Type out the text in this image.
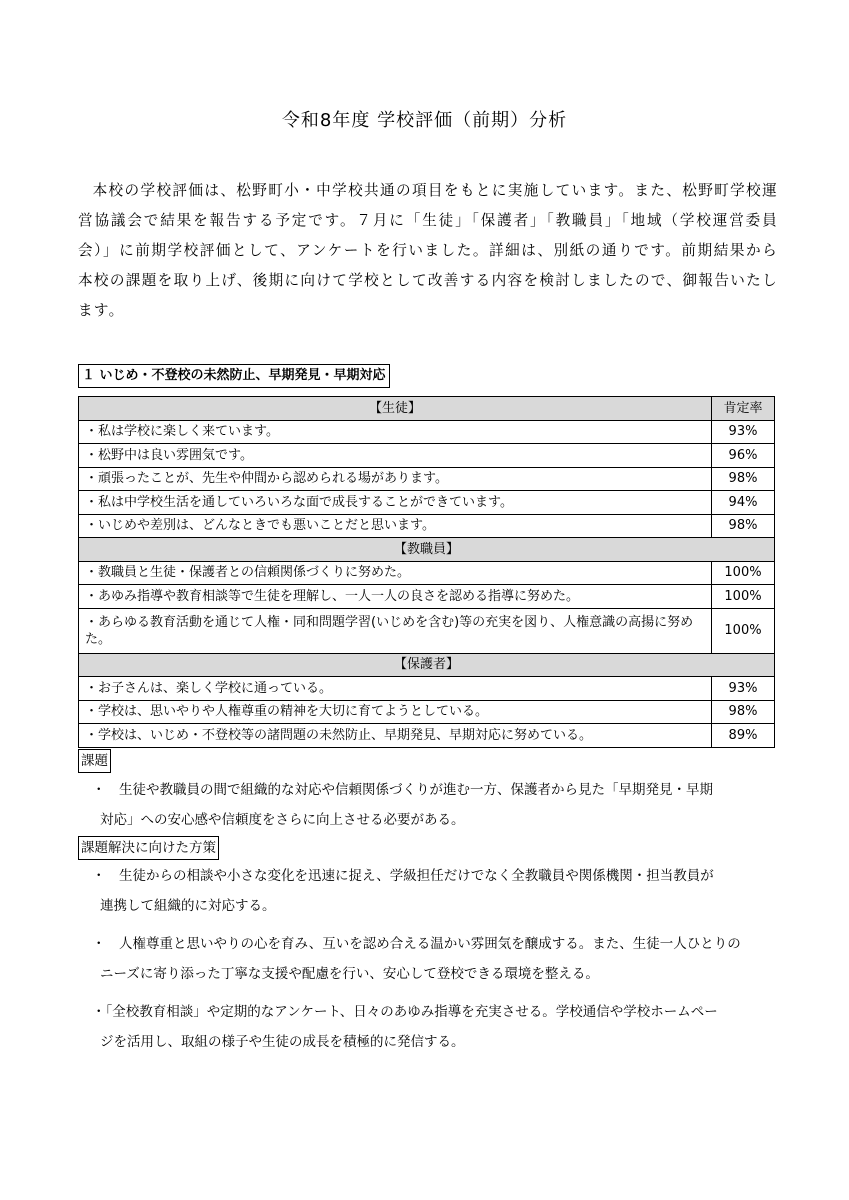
令和8年度 学校評価（前期）分析

本校の学校評価は、松野町小・中学校共通の項目をもとに実施しています。また、松野町学校運営協議会で結果を報告する予定です。７月に「生徒」「保護者」「教職員」「地域（学校運営委員会）」に前期学校評価として、アンケートを行いました。詳細は、別紙の通りです。前期結果から本校の課題を取り上げ、後期に向けて学校として改善する内容を検討しましたので、御報告いたします。

１ いじめ・不登校の未然防止、早期発見・早期対応
【生徒】	肯定率
・私は学校に楽しく来ています。	93%
・松野中は良い雰囲気です。	96%
・頑張ったことが、先生や仲間から認められる場があります。	98%
・私は中学校生活を通していろいろな面で成長することができています。	94%
・いじめや差別は、どんなときでも悪いことだと思います。	98%
【教職員】	
・教職員と生徒・保護者との信頼関係づくりに努めた。	100%
・あゆみ指導や教育相談等で生徒を理解し、一人一人の良さを認める指導に努めた。	100%
・あらゆる教育活動を通じて人権・同和問題学習(いじめを含む)等の充実を図り、人権意識の高揚に努めた。	100%
【保護者】	
・お子さんは、楽しく学校に通っている。	93%
・学校は、思いやりや人権尊重の精神を大切に育てようとしている。	98%
・学校は、いじめ・不登校等の諸問題の未然防止、早期発見、早期対応に努めている。	89%
課題
・　生徒や教職員の間で組織的な対応や信頼関係づくりが進む一方、保護者から見た「早期発見・早期
対応」への安心感や信頼度をさらに向上させる必要がある。
課題解決に向けた方策
・　生徒からの相談や小さな変化を迅速に捉え、学級担任だけでなく全教職員や関係機関・担当教員が
連携して組織的に対応する。
・　人権尊重と思いやりの心を育み、互いを認め合える温かい雰囲気を醸成する。また、生徒一人ひとりの
ニーズに寄り添った丁寧な支援や配慮を行い、安心して登校できる環境を整える。
・「全校教育相談」や定期的なアンケート、日々のあゆみ指導を充実させる。学校通信や学校ホームペー
ジを活用し、取組の様子や生徒の成長を積極的に発信する。
